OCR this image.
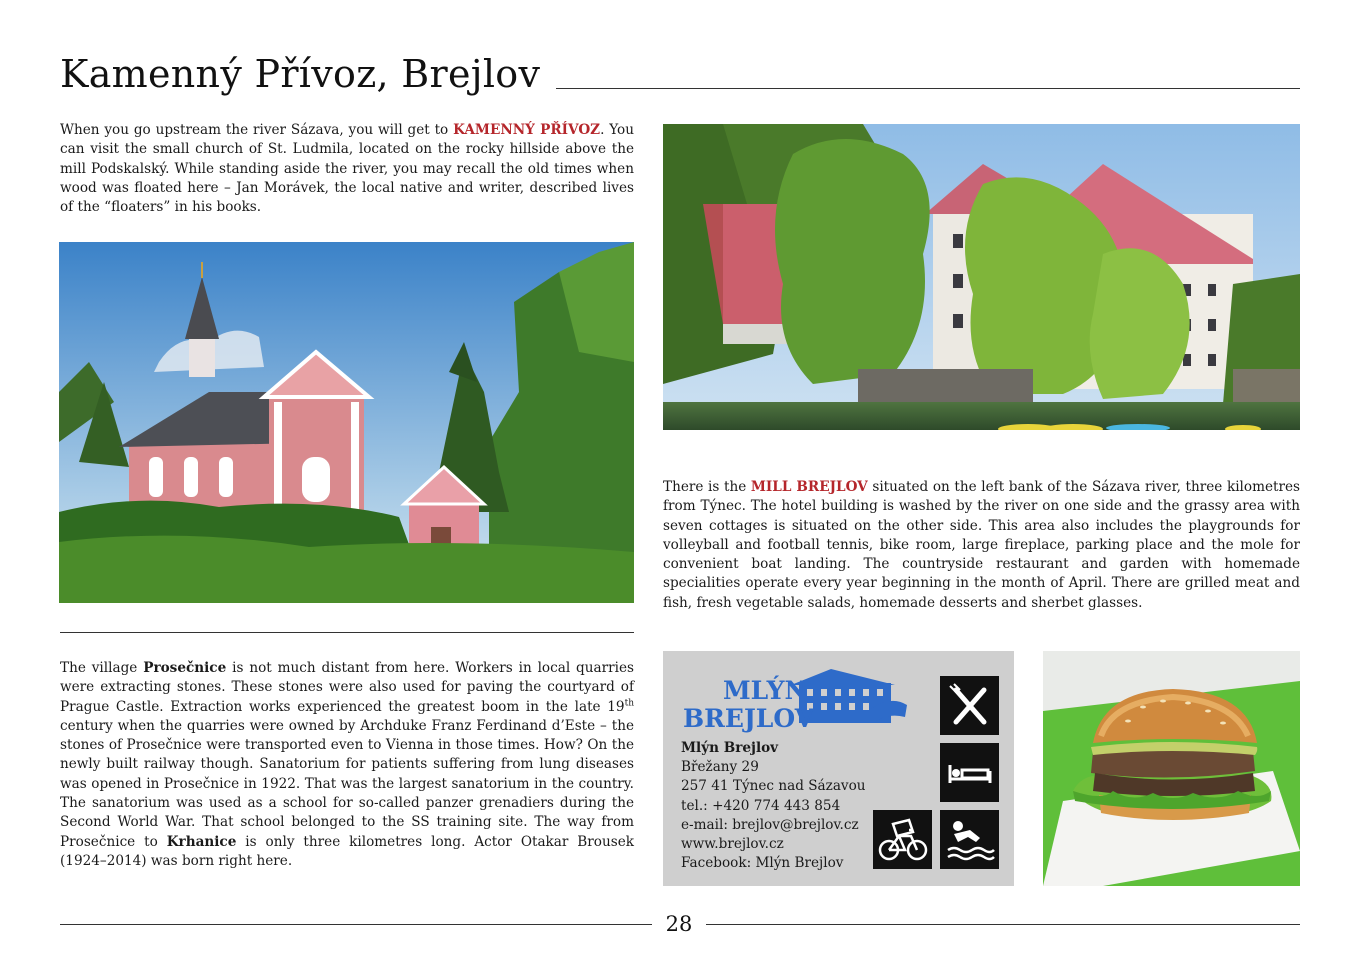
Kamenný Přívoz, Brejlov

When you go upstream the river Sázava, you will get to KAMENNÝ PŘÍVOZ. You can visit the small church of St. Ludmila, located on the rocky hillside above the mill Podskalský. While standing aside the river, you may recall the old times when wood was floated here – Jan Morávek, the local native and writer, described lives of the “floaters” in his books.

The village Prosečnice is not much distant from here. Workers in local quarries were extracting stones. These stones were also used for paving the courtyard of Prague Castle. Extraction works experienced the greatest boom in the late 19th century when the quarries were owned by Archduke Franz Ferdinand d’Este – the stones of Prosečnice were transported even to Vienna in those times. How? On the newly built railway though. Sanatorium for patients suffering from lung diseases was opened in Prosečnice in 1922. That was the largest sanatorium in the country. The sanatorium was used as a school for so-called panzer grenadiers during the Second World War. That school belonged to the SS training site. The way from Prosečnice to Krhanice is only three kilometres long. Actor Otakar Brousek (1924–2014) was born right here.

There is the MILL BREJLOV situated on the left bank of the Sázava river, three kilometres from Týnec. The hotel building is washed by the river on one side and the grassy area with seven cottages is situated on the other side. This area also includes the playgrounds for volleyball and football tennis, bike room, large fireplace, parking place and the mole for convenient boat landing. The countryside restaurant and garden with homemade specialities operate every year beginning in the month of April. There are grilled meat and fish, fresh vegetable salads, homemade desserts and sherbet glasses.

MLÝN
BREJLOV
Mlýn Brejlov
Břežany 29
257 41 Týnec nad Sázavou
tel.: +420 774 443 854
e-mail: brejlov@brejlov.cz
www.brejlov.cz
Facebook: Mlýn Brejlov
28
